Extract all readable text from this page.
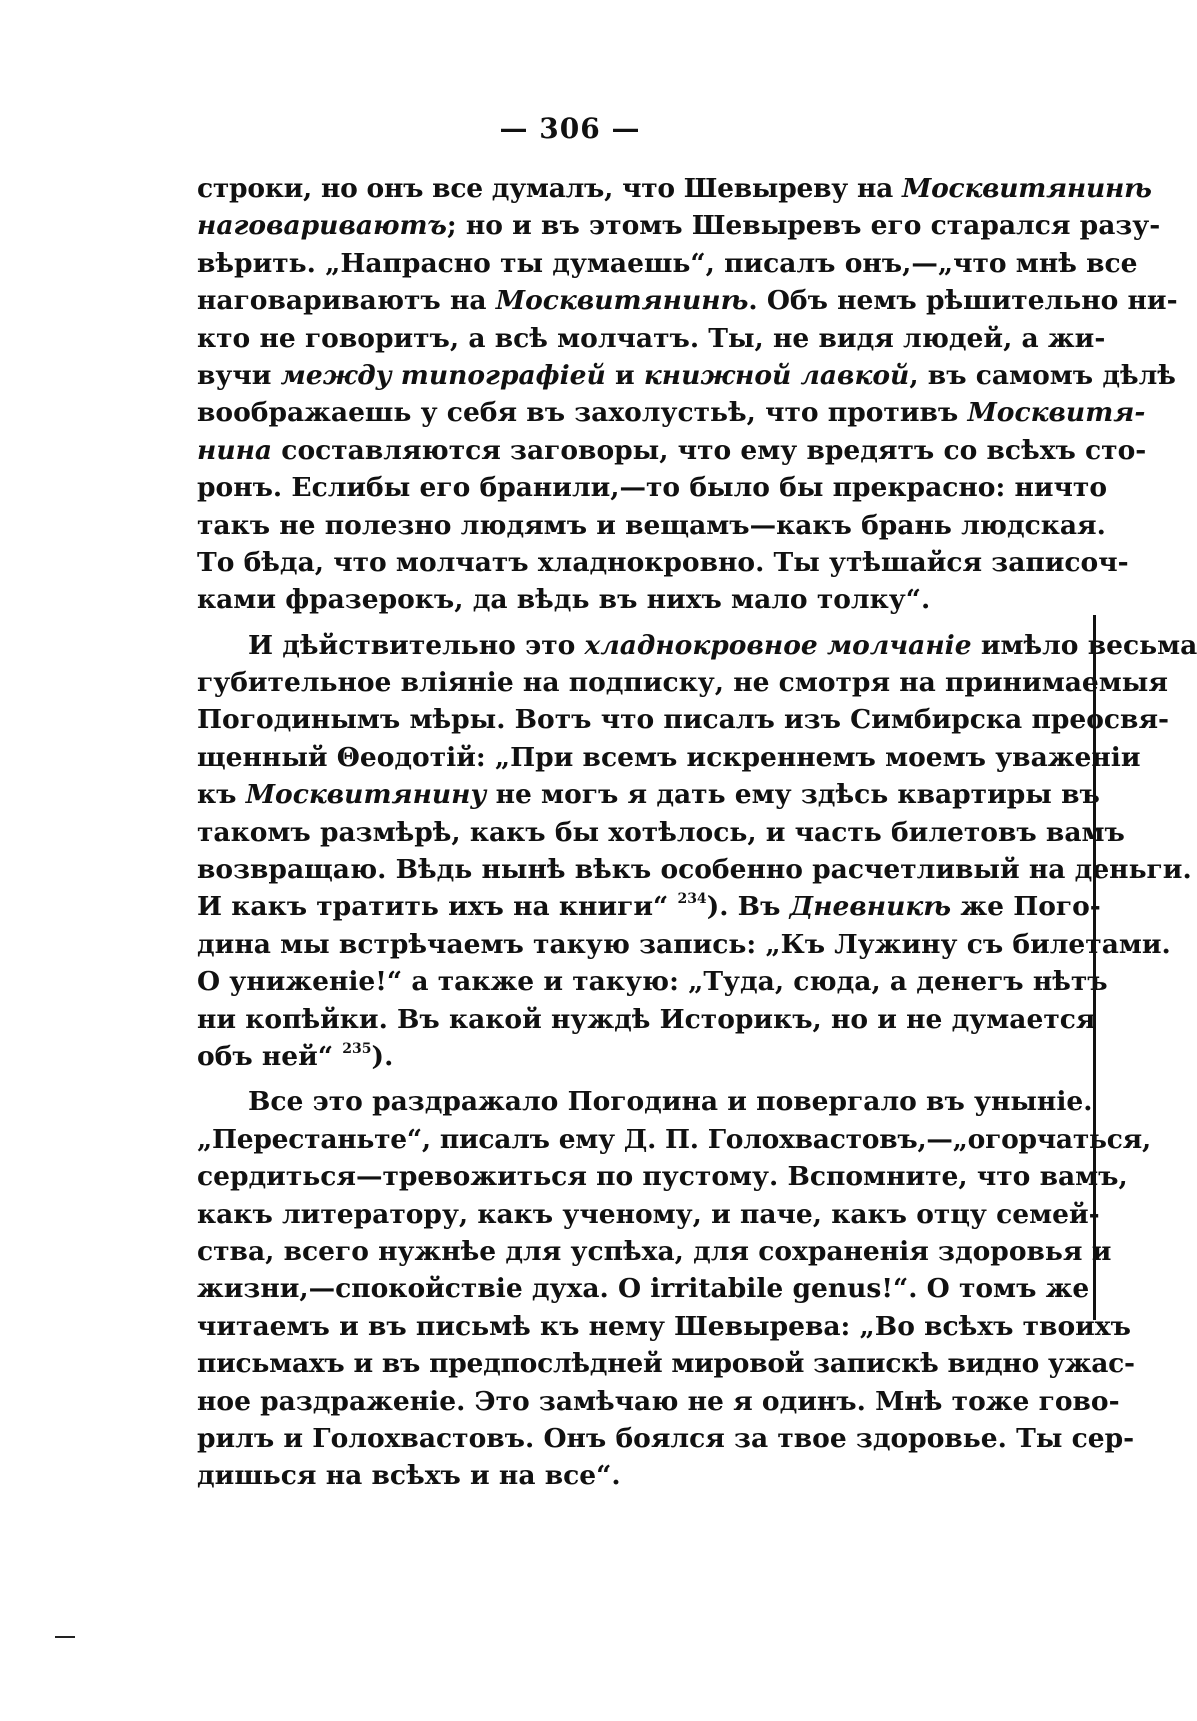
— 306 —
строки, но онъ все думалъ, что Шевыреву на Москвитянинѣ
наговариваютъ; но и въ этомъ Шевыревъ его старался разу-
вѣрить. „Напрасно ты думаешь“, писалъ онъ,—„что мнѣ все
наговариваютъ на Москвитянинѣ. Объ немъ рѣшительно ни-
кто не говоритъ, а всѣ молчатъ. Ты, не видя людей, а жи-
вучи между типографіей и книжной лавкой, въ самомъ дѣлѣ
воображаешь у себя въ захолустьѣ, что противъ Москвитя-
нина составляются заговоры, что ему вредятъ со всѣхъ сто-
ронъ. Еслибы его бранили,—то было бы прекрасно: ничто
такъ не полезно людямъ и вещамъ—какъ брань людская.
То бѣда, что молчатъ хладнокровно. Ты утѣшайся записоч-
ками фразерокъ, да вѣдь въ нихъ мало толку“.
И дѣйствительно это хладнокровное молчаніе имѣло весьма
губительное вліяніе на подписку, не смотря на принимаемыя
Погодинымъ мѣры. Вотъ что писалъ изъ Симбирска преосвя-
щенный Θеодотій: „При всемъ искреннемъ моемъ уваженіи
къ Москвитянину не могъ я дать ему здѣсь квартиры въ
такомъ размѣрѣ, какъ бы хотѣлось, и часть билетовъ вамъ
возвращаю. Вѣдь нынѣ вѣкъ особенно расчетливый на деньги.
И какъ тратить ихъ на книги“ $^{234}$). Въ Дневникѣ же Пого-
дина мы встрѣчаемъ такую запись: „Къ Лужину съ билетами.
О униженіе!“ а также и такую: „Туда, сюда, а денегъ нѣтъ
ни копѣйки. Въ какой нуждѣ Историкъ, но и не думается
объ ней“ $^{235}$).
Все это раздражало Погодина и повергало въ уныніе.
„Перестаньте“, писалъ ему Д. П. Голохвастовъ,—„огорчаться,
сердиться—тревожиться по пустому. Вспомните, что вамъ,
какъ литератору, какъ ученому, и паче, какъ отцу семей-
ства, всего нужнѣе для успѣха, для сохраненія здоровья и
жизни,—спокойствіе духа. О irritabile genus!“. О томъ же
читаемъ и въ письмѣ къ нему Шевырева: „Во всѣхъ твоихъ
письмахъ и въ предпослѣдней мировой запискѣ видно ужас-
ное раздраженіе. Это замѣчаю не я одинъ. Мнѣ тоже гово-
рилъ и Голохвастовъ. Онъ боялся за твое здоровье. Ты сер-
дишься на всѣхъ и на все“.
